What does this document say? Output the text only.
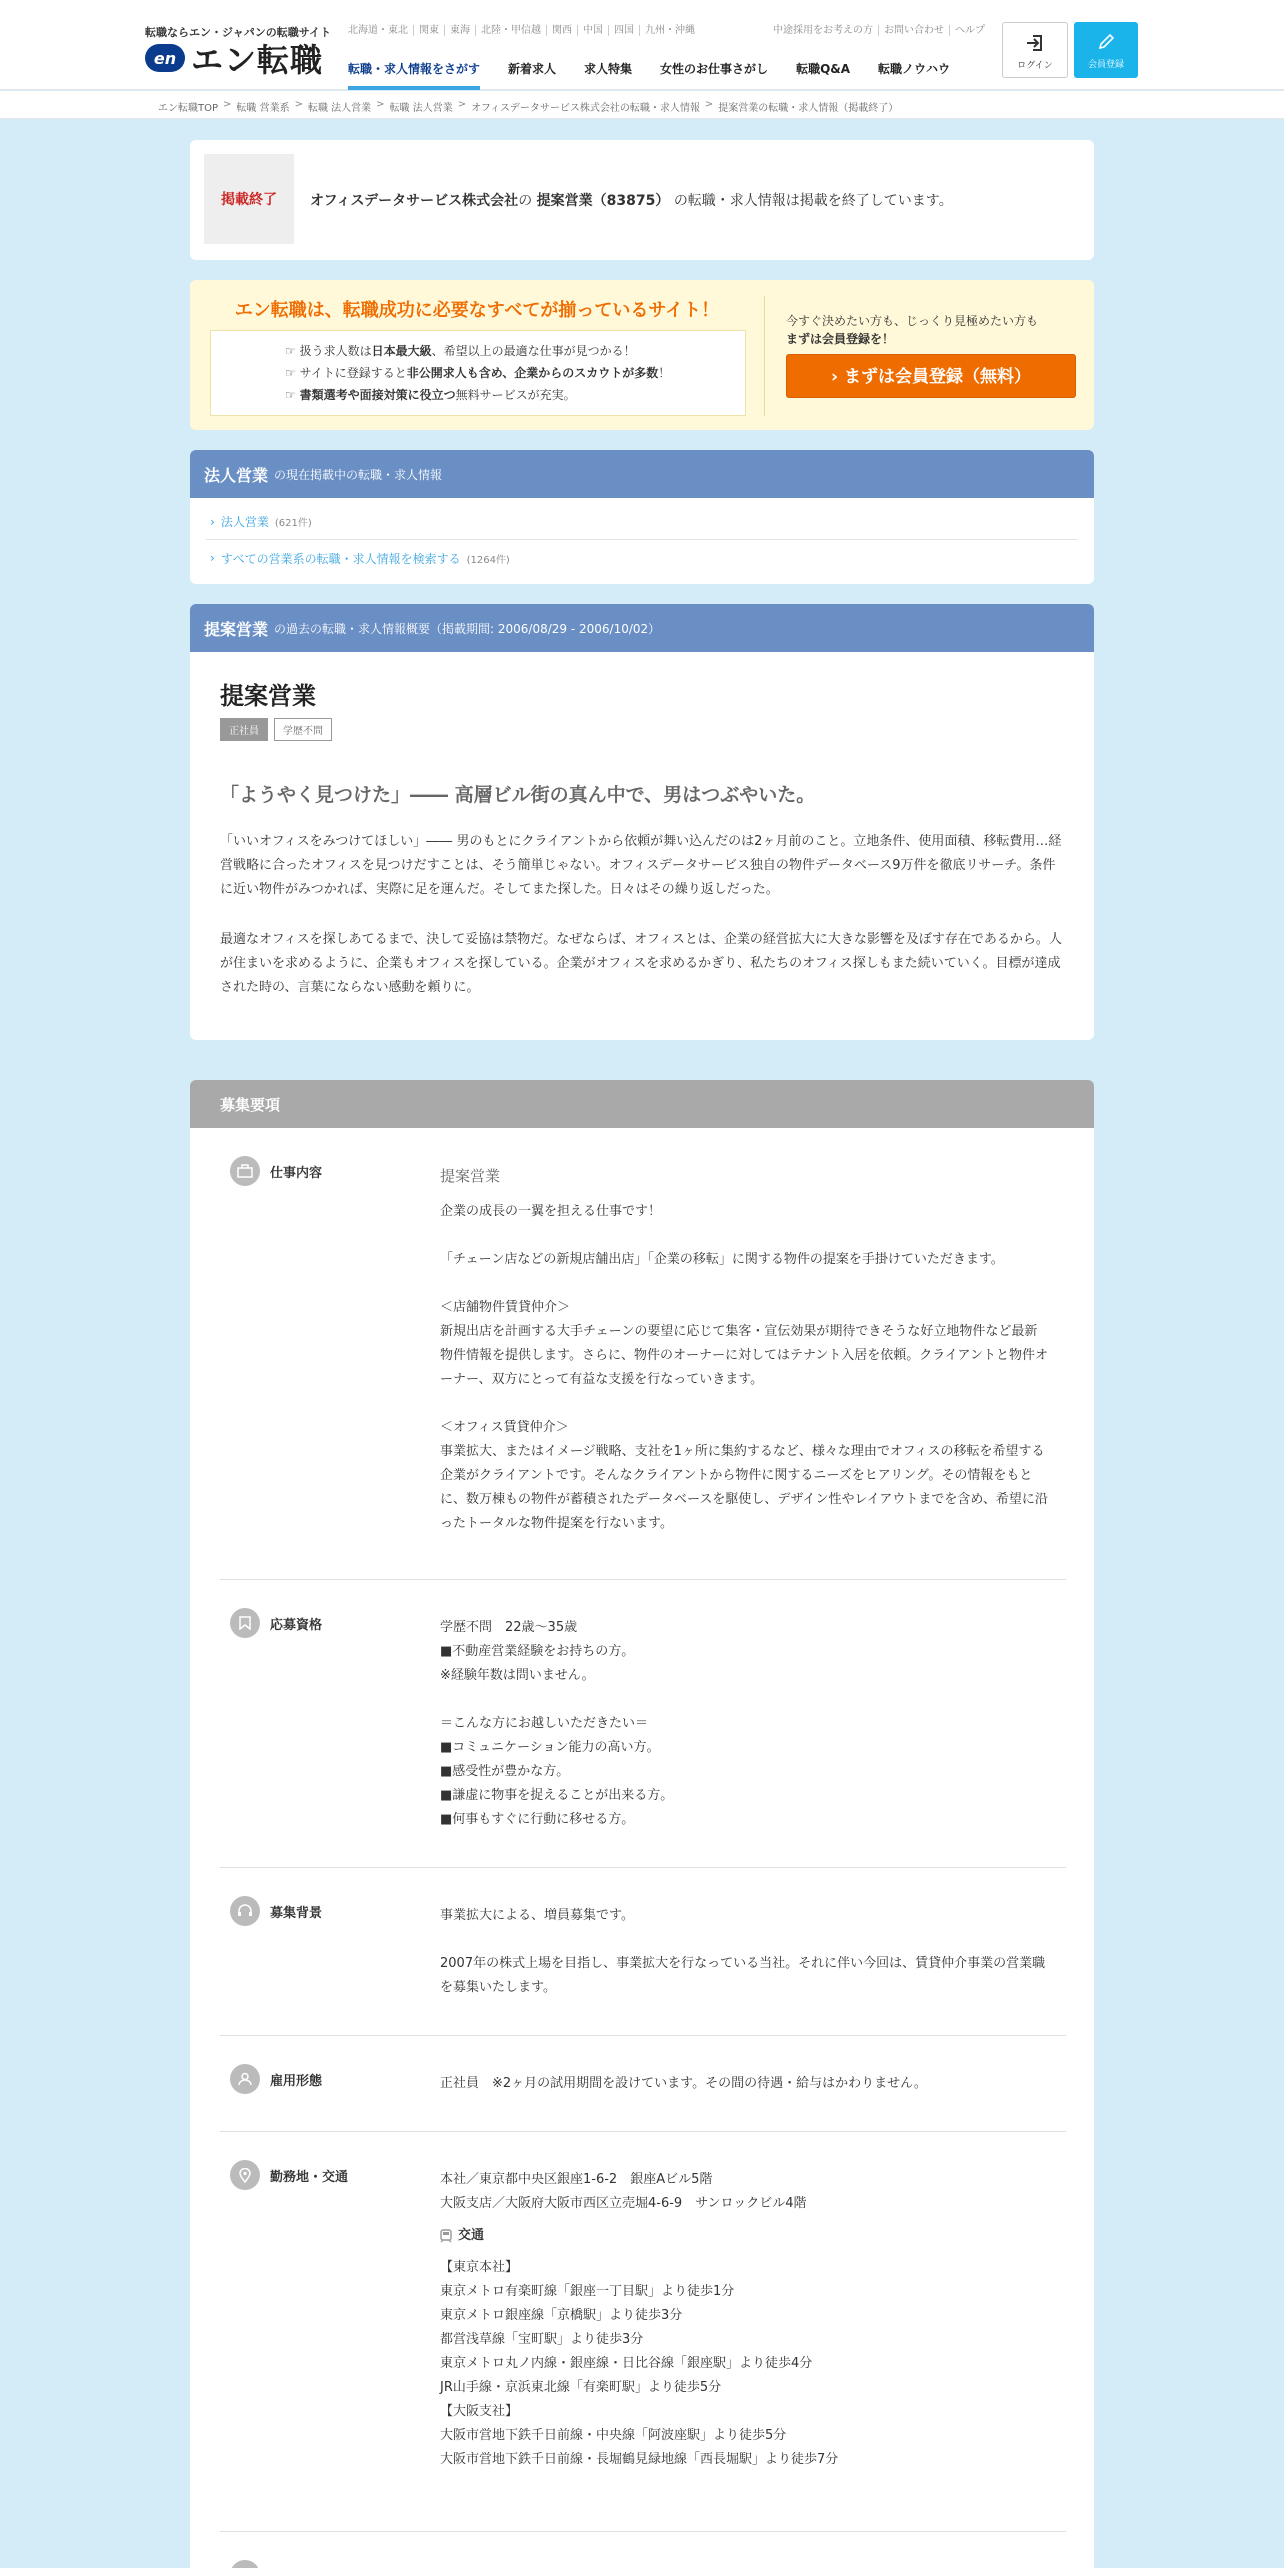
転職ならエン・ジャパンの転職サイト
en エン転職
北海道・東北	関東	東海	北陸・甲信越	関西	中国	四国	九州・沖縄	中途採用をお考えの方	お問い合わせ	ヘルプ
転職・求人情報をさがす 新着求人 求人特集 女性のお仕事さがし 転職Q&A 転職ノウハウ	ログイン	会員登録
エン転職TOP > 転職 営業系 > 転職 法人営業 > 転職 法人営業 > オフィスデータサービス株式会社の転職・求人情報 > 提案営業の転職・求人情報（掲載終了）
掲載終了	オフィスデータサービス株式会社の 提案営業（83875） の転職・求人情報は掲載を終了しています。
エン転職は、転職成功に必要なすべてが揃っているサイト！
☞ 扱う求人数は日本最大級、希望以上の最適な仕事が見つかる！
☞ サイトに登録すると非公開求人も含め、企業からのスカウトが多数！
☞ 書類選考や面接対策に役立つ無料サービスが充実。
今すぐ決めたい方も、じっくり見極めたい方も
まずは会員登録を！
› まずは会員登録（無料）
法人営業 の現在掲載中の転職・求人情報
› 法人営業 (621件)
› すべての営業系の転職・求人情報を検索する (1264件)
提案営業 の過去の転職・求人情報概要（掲載期間: 2006/08/29 - 2006/10/02）
提案営業
正社員	学歴不問
「ようやく見つけた」―― 高層ビル街の真ん中で、男はつぶやいた。
「いいオフィスをみつけてほしい」―― 男のもとにクライアントから依頼が舞い込んだのは2ヶ月前のこと。立地条件、使用面積、移転費用…経営戦略に合ったオフィスを見つけだすことは、そう簡単じゃない。オフィスデータサービス独自の物件データベース9万件を徹底リサーチ。条件に近い物件がみつかれば、実際に足を運んだ。そしてまた探した。日々はその繰り返しだった。
最適なオフィスを探しあてるまで、決して妥協は禁物だ。なぜならば、オフィスとは、企業の経営拡大に大きな影響を及ぼす存在であるから。人が住まいを求めるように、企業もオフィスを探している。企業がオフィスを求めるかぎり、私たちのオフィス探しもまた続いていく。目標が達成された時の、言葉にならない感動を頼りに。
募集要項
仕事内容	提案営業

企業の成長の一翼を担える仕事です！

「チェーン店などの新規店舗出店」「企業の移転」に関する物件の提案を手掛けていただきます。

＜店舗物件賃貸仲介＞
新規出店を計画する大手チェーンの要望に応じて集客・宣伝効果が期待できそうな好立地物件など最新物件情報を提供します。さらに、物件のオーナーに対してはテナント入居を依頼。クライアントと物件オーナー、双方にとって有益な支援を行なっていきます。

＜オフィス賃貸仲介＞
事業拡大、またはイメージ戦略、支社を1ヶ所に集約するなど、様々な理由でオフィスの移転を希望する企業がクライアントです。そんなクライアントから物件に関するニーズをヒアリング。その情報をもとに、数万棟もの物件が蓄積されたデータベースを駆使し、デザイン性やレイアウトまでを含め、希望に沿ったトータルな物件提案を行ないます。

応募資格	学歴不問　22歳～35歳
■不動産営業経験をお持ちの方。
※経験年数は問いません。

＝こんな方にお越しいただきたい＝
■コミュニケーション能力の高い方。
■感受性が豊かな方。
■謙虚に物事を捉えることが出来る方。
■何事もすぐに行動に移せる方。

募集背景	事業拡大による、増員募集です。

2007年の株式上場を目指し、事業拡大を行なっている当社。それに伴い今回は、賃貸仲介事業の営業職を募集いたします。

雇用形態	正社員　※2ヶ月の試用期間を設けています。その間の待遇・給与はかわりません。

勤務地・交通	本社／東京都中央区銀座1-6-2　銀座Aビル5階
大阪支店／大阪府大阪市西区立売堀4-6-9　サンロックビル4階

交通

【東京本社】
東京メトロ有楽町線「銀座一丁目駅」より徒歩1分
東京メトロ銀座線「京橋駅」より徒歩3分
都営浅草線「宝町駅」より徒歩3分
東京メトロ丸ノ内線・銀座線・日比谷線「銀座駅」より徒歩4分
JR山手線・京浜東北線「有楽町駅」より徒歩5分
【大阪支社】
大阪市営地下鉄千日前線・中央線「阿波座駅」より徒歩5分
大阪市営地下鉄千日前線・長堀鶴見緑地線「西長堀駅」より徒歩7分
